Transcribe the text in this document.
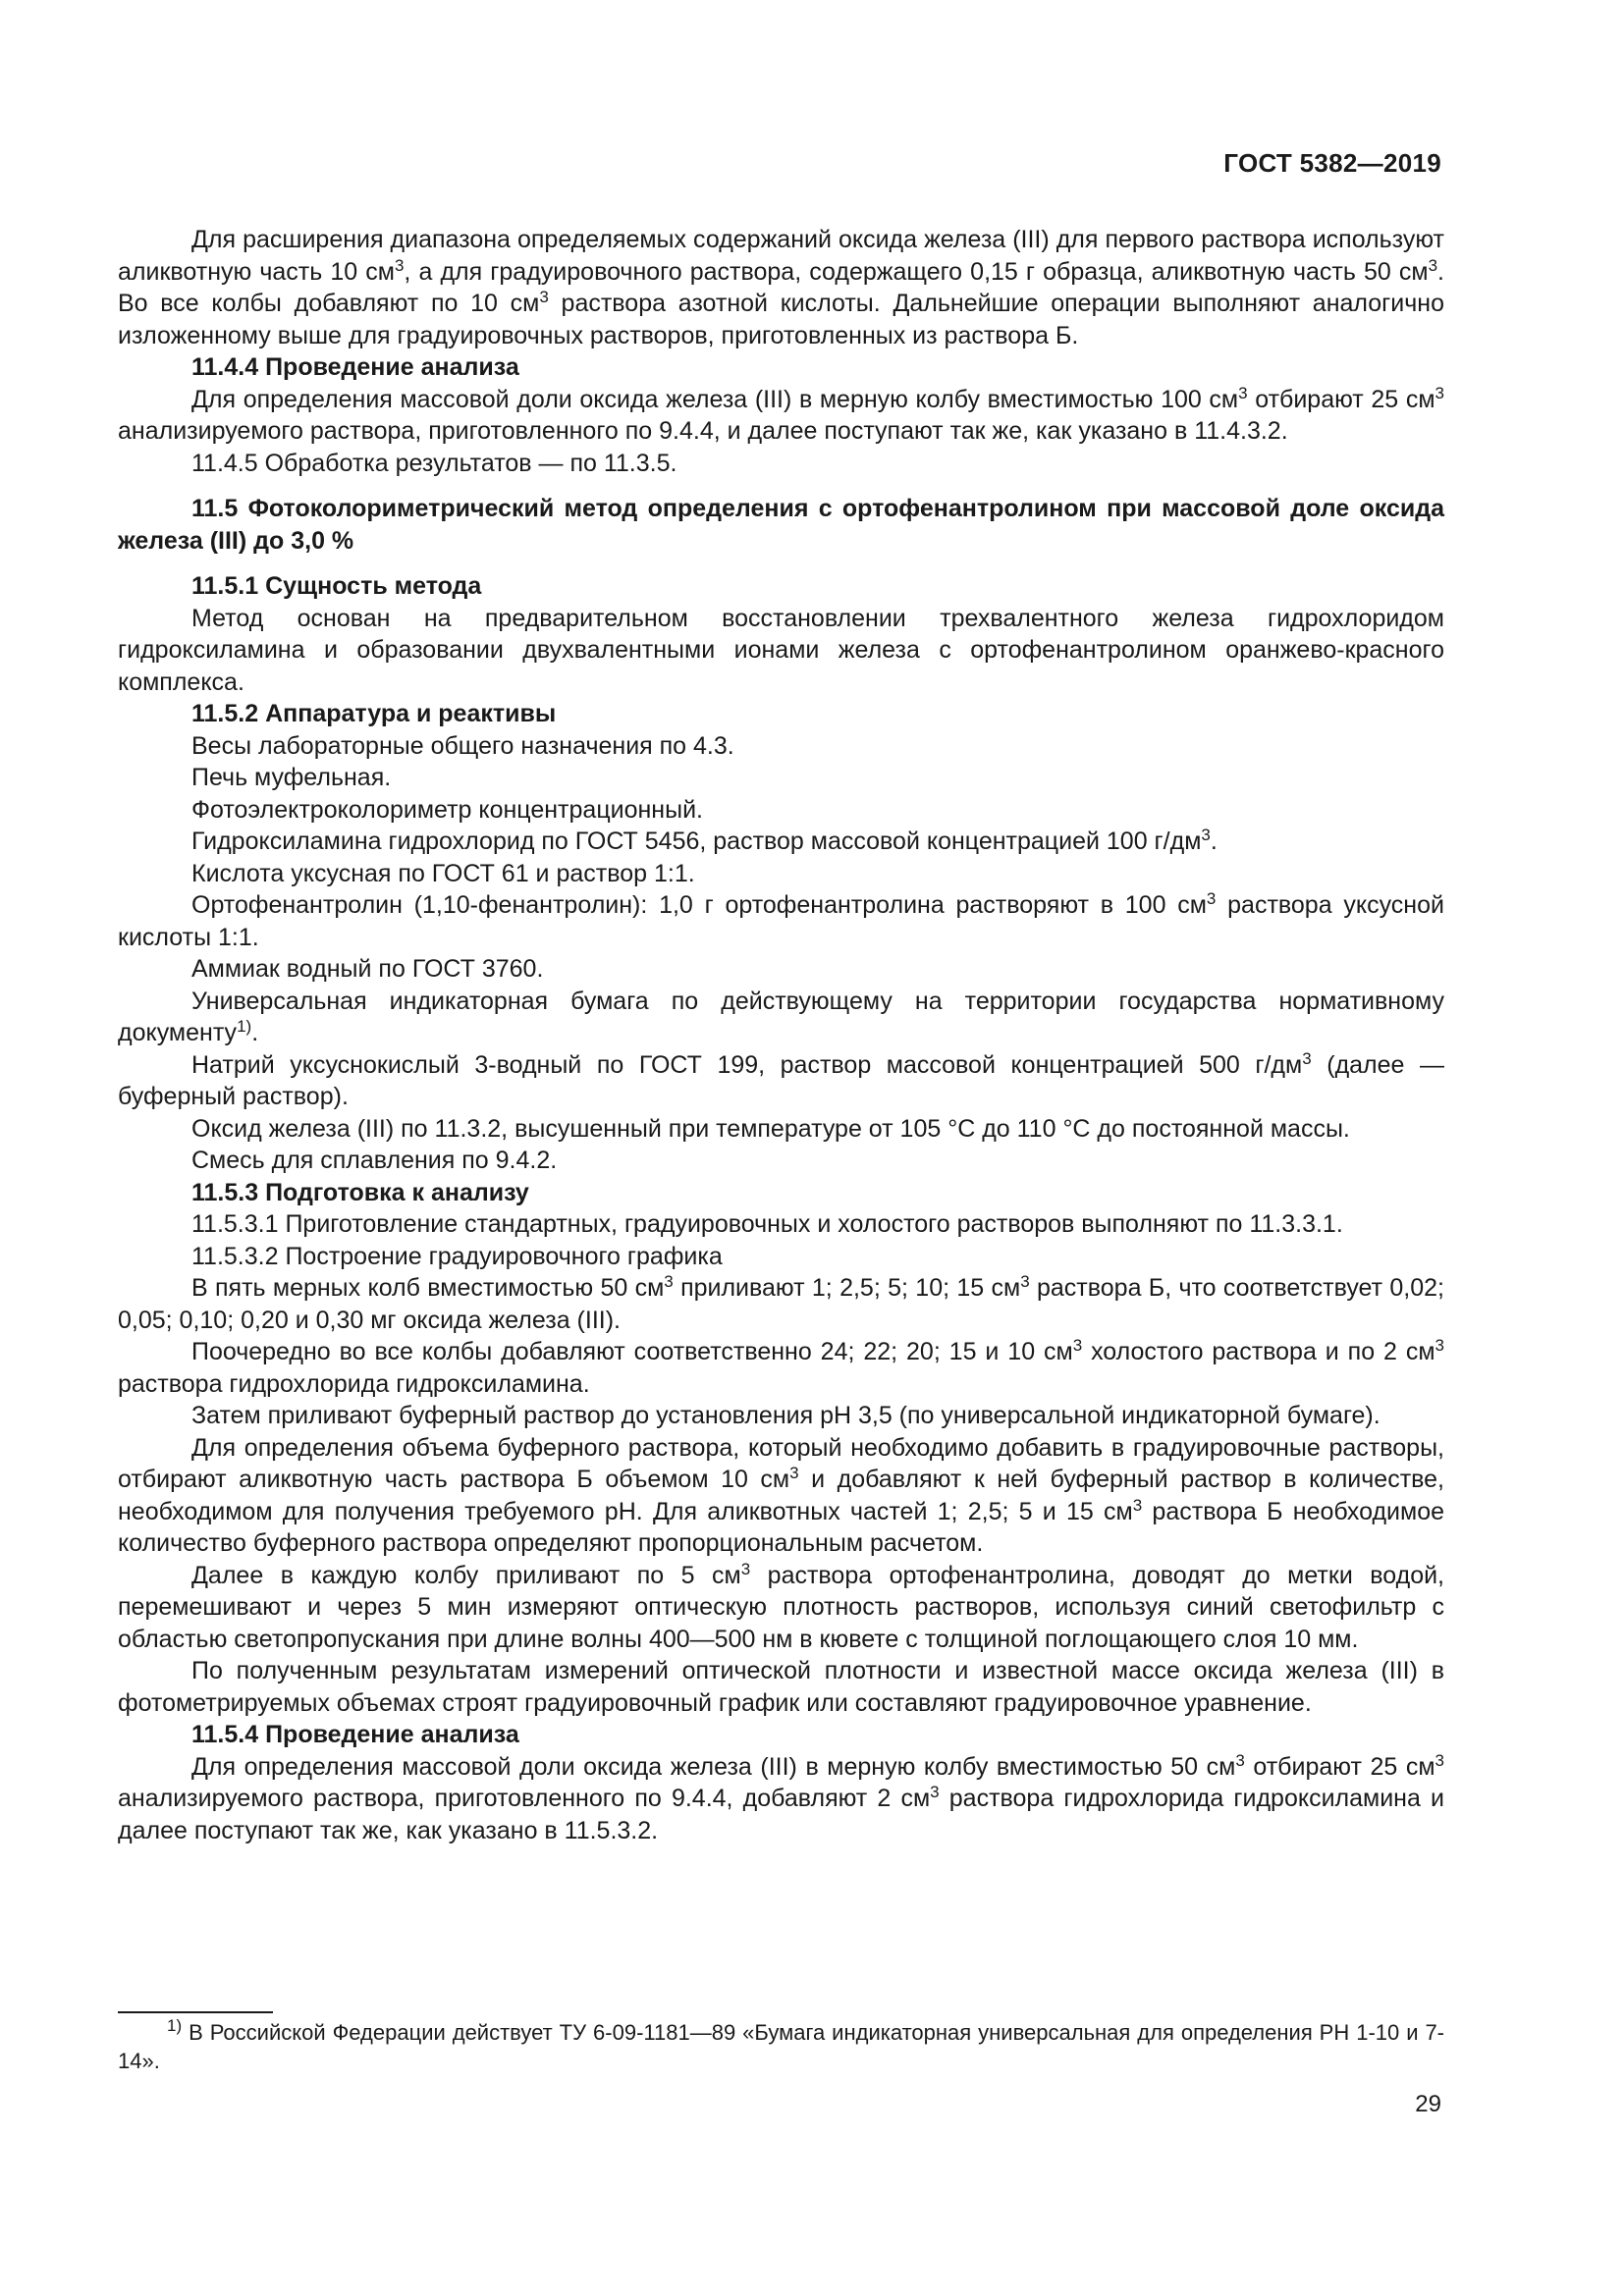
ГОСТ 5382—2019

Для расширения диапазона определяемых содержаний оксида железа (III) для первого раствора используют аликвотную часть 10 $см^3$, а для градуировочного раствора, содержащего 0,15 г образца, аликвотную часть 50 $см^3$. Во все колбы добавляют по 10 $см^3$ раствора азотной кислоты. Дальнейшие операции выполняют аналогично изложенному выше для градуировочных растворов, приготовленных из раствора Б.

11.4.4 Проведение анализа

Для определения массовой доли оксида железа (III) в мерную колбу вместимостью 100 $см^3$ отбирают 25 $см^3$ анализируемого раствора, приготовленного по 9.4.4, и далее поступают так же, как указано в 11.4.3.2.

11.4.5 Обработка результатов — по 11.3.5.

11.5 Фотоколориметрический метод определения с ортофенантролином при массовой доле оксида железа (III) до 3,0 %

11.5.1 Сущность метода

Метод основан на предварительном восстановлении трехвалентного железа гидрохлоридом гидроксиламина и образовании двухвалентными ионами железа с ортофенантролином оранжево-красного комплекса.

11.5.2 Аппаратура и реактивы

Весы лабораторные общего назначения по 4.3.

Печь муфельная.

Фотоэлектроколориметр концентрационный.

Гидроксиламина гидрохлорид по ГОСТ 5456, раствор массовой концентрацией 100 $г/дм^3$.

Кислота уксусная по ГОСТ 61 и раствор 1:1.

Ортофенантролин (1,10-фенантролин): 1,0 г ортофенантролина растворяют в 100 $см^3$ раствора уксусной кислоты 1:1.

Аммиак водный по ГОСТ 3760.

Универсальная индикаторная бумага по действующему на территории государства нормативному документу$^{1)}$.

Натрий уксуснокислый 3-водный по ГОСТ 199, раствор массовой концентрацией 500 $г/дм^3$ (далее — буферный раствор).

Оксид железа (III) по 11.3.2, высушенный при температуре от 105 °С до 110 °С до постоянной массы.

Смесь для сплавления по 9.4.2.

11.5.3 Подготовка к анализу

11.5.3.1 Приготовление стандартных, градуировочных и холостого растворов выполняют по 11.3.3.1.

11.5.3.2 Построение градуировочного графика

В пять мерных колб вместимостью 50 $см^3$ приливают 1; 2,5; 5; 10; 15 $см^3$ раствора Б, что соответствует 0,02; 0,05; 0,10; 0,20 и 0,30 мг оксида железа (III).

Поочередно во все колбы добавляют соответственно 24; 22; 20; 15 и 10 $см^3$ холостого раствора и по 2 $см^3$ раствора гидрохлорида гидроксиламина.

Затем приливают буферный раствор до установления pH 3,5 (по универсальной индикаторной бумаге).

Для определения объема буферного раствора, который необходимо добавить в градуировочные растворы, отбирают аликвотную часть раствора Б объемом 10 $см^3$ и добавляют к ней буферный раствор в количестве, необходимом для получения требуемого pH. Для аликвотных частей 1; 2,5; 5 и 15 $см^3$ раствора Б необходимое количество буферного раствора определяют пропорциональным расчетом.

Далее в каждую колбу приливают по 5 $см^3$ раствора ортофенантролина, доводят до метки водой, перемешивают и через 5 мин измеряют оптическую плотность растворов, используя синий светофильтр с областью светопропускания при длине волны 400—500 нм в кювете с толщиной поглощающего слоя 10 мм.

По полученным результатам измерений оптической плотности и известной массе оксида железа (III) в фотометрируемых объемах строят градуировочный график или составляют градуировочное уравнение.

11.5.4 Проведение анализа

Для определения массовой доли оксида железа (III) в мерную колбу вместимостью 50 $см^3$ отбирают 25 $см^3$ анализируемого раствора, приготовленного по 9.4.4, добавляют 2 $см^3$ раствора гидрохлорида гидроксиламина и далее поступают так же, как указано в 11.5.3.2.

$^{1)}$ В Российской Федерации действует ТУ 6-09-1181—89 «Бумага индикаторная универсальная для определения РН 1-10 и 7-14».

29
